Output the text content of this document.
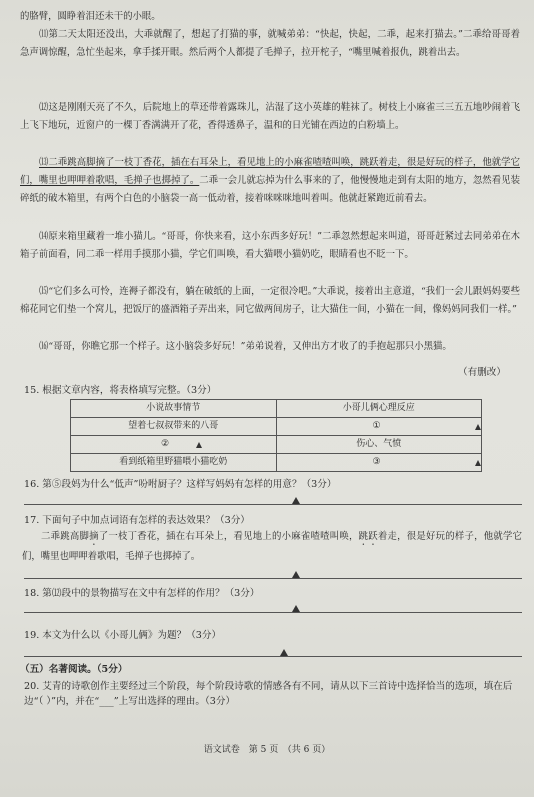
的胳臂，圆睁着泪还未干的小眼。

⑾第二天太阳还没出，大乖就醒了，想起了打猫的事，就喊弟弟：“快起，快起，二乖，起来打猫去。”二乖给哥哥着急声调惊醒，急忙坐起来，拿手揉开眼。然后两个人都提了毛掸子，拉开柁子，“嘴里喊着报仇，跳着出去。

⑿这是刚刚天亮了不久，后院地上的草还带着露珠儿，沾湿了这小英雄的鞋袜了。树枝上小麻雀三三五五地吵闹着飞上飞下地玩，近窗户的一棵丁香满满开了花，香得透鼻子，温和的日光铺在西边的白粉墙上。

⒀二乖跳高脚摘了一枝丁香花，插在右耳朵上，看见地上的小麻雀喳喳叫唤，跳跃着走，很是好玩的样子，他就学它们，嘴里也呷呷着歌唱，毛掸子也掷掉了。二乖一会儿就忘掉为什么事来的了，他慢慢地走到有太阳的地方，忽然看见装碎纸的破木箱里，有两个白色的小脑袋一高一低动着，接着咪咪咪地叫着叫。他就赶紧跑近前看去。

⒁原来箱里藏着一堆小猫儿。“哥哥，你快来看，这小东西多好玩！”二乖忽然想起来叫道，哥哥赶紧过去同弟弟在木箱子前面看，同二乖一样用手摸那小猫，学它们叫唤，看大猫喂小猫奶吃，眼睛看也不眨一下。

⒂“它们多么可怜，连褥子都没有，躺在破纸的上面，一定很冷吧。”大乖说，接着出主意道，“我们一会儿跟妈妈要些棉花同它们垫一个窝儿，把饭厅的盛酒箱子弄出来，同它做两间房子，让大猫住一间，小猫在一间，像妈妈同我们一样。”

⒃“哥哥，你瞧它那一个样子。这小脑袋多好玩！”弟弟说着，又伸出方才收了的手抱起那只小黑猫。

（有删改）
15. 根据文章内容，将表格填写完整。（3分）
小说故事情节	小哥儿俩心理反应
望着七叔叔带来的八哥	①

②	伤心、气愤
看到纸箱里野猫喂小猫吃奶	③
16. 第⑤段妈为什么“低声”吩咐厨子？这样写妈妈有怎样的用意？（3分）
17. 下面句子中加点词语有怎样的表达效果？（3分）

二乖跳高脚摘了一枝丁香花，插在右耳朵上，看见地上的小麻雀喳喳叫唤，跳跃着走，很是好玩的样子，他就学它们，嘴里也呷呷着歌唱，毛掸子也掷掉了。

18. 第⑿段中的景物描写在文中有怎样的作用？（3分）
19. 本文为什么以《小哥儿俩》为题？（3分）
（五）名著阅读。（5分）
20. 艾青的诗歌创作主要经过三个阶段，每个阶段诗歌的情感各有不同，请从以下三首诗中选择恰当的选项，填在后边“（ ）”内，并在“___”上写出选择的理由。（3分）
语文试卷　第 5 页　（共 6 页）
